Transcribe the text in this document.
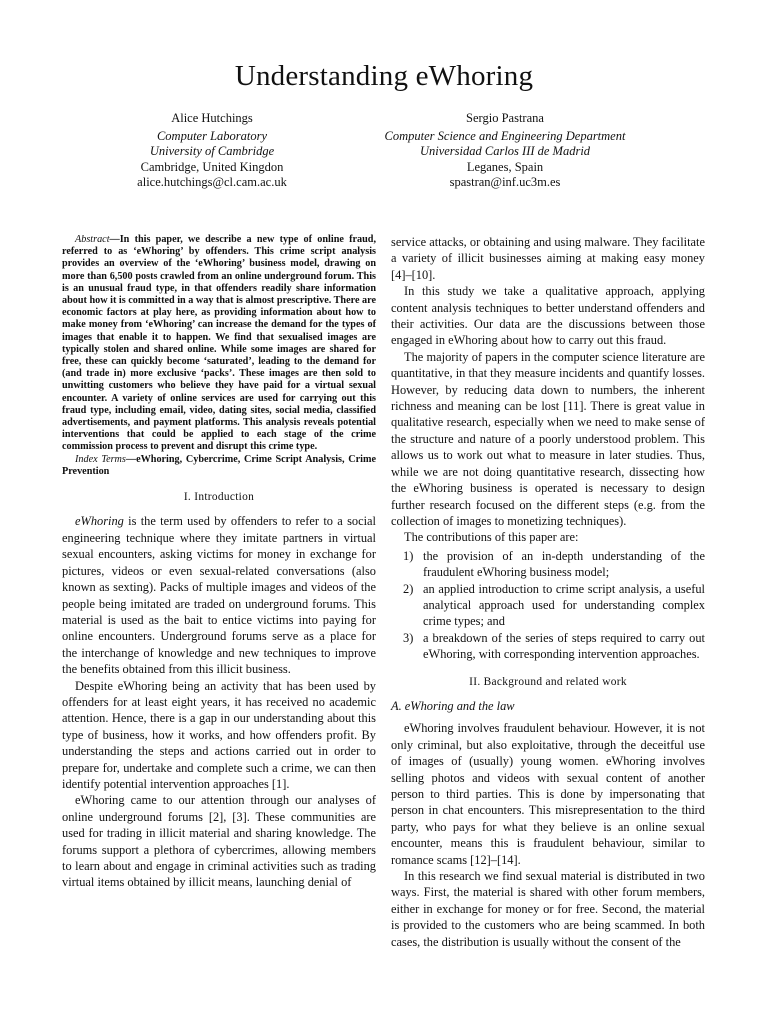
Understanding eWhoring
Alice Hutchings
Computer Laboratory
University of Cambridge
Cambridge, United Kingdon
alice.hutchings@cl.cam.ac.uk
Sergio Pastrana
Computer Science and Engineering Department
Universidad Carlos III de Madrid
Leganes, Spain
spastran@inf.uc3m.es
Abstract—In this paper, we describe a new type of online fraud, referred to as ‘eWhoring’ by offenders. This crime script analysis provides an overview of the ‘eWhoring’ business model, drawing on more than 6,500 posts crawled from an online underground forum. This is an unusual fraud type, in that offenders readily share information about how it is committed in a way that is almost prescriptive. There are economic factors at play here, as providing information about how to make money from ‘eWhoring’ can increase the demand for the types of images that enable it to happen. We find that sexualised images are typically stolen and shared online. While some images are shared for free, these can quickly become ‘saturated’, leading to the demand for (and trade in) more exclusive ‘packs’. These images are then sold to unwitting customers who believe they have paid for a virtual sexual encounter. A variety of online services are used for carrying out this fraud type, including email, video, dating sites, social media, classified advertisements, and payment platforms. This analysis reveals potential interventions that could be applied to each stage of the crime commission process to prevent and disrupt this crime type.
Index Terms—eWhoring, Cybercrime, Crime Script Analysis, Crime Prevention
I. Introduction

eWhoring is the term used by offenders to refer to a social engineering technique where they imitate partners in virtual sexual encounters, asking victims for money in exchange for pictures, videos or even sexual-related conversations (also known as sexting). Packs of multiple images and videos of the people being imitated are traded on underground forums. This material is used as the bait to entice victims into paying for online encounters. Underground forums serve as a place for the interchange of knowledge and new techniques to improve the benefits obtained from this illicit business.

Despite eWhoring being an activity that has been used by offenders for at least eight years, it has received no academic attention. Hence, there is a gap in our understanding about this type of business, how it works, and how offenders profit. By understanding the steps and actions carried out in order to prepare for, undertake and complete such a crime, we can then identify potential intervention approaches [1].

eWhoring came to our attention through our analyses of online underground forums [2], [3]. These communities are used for trading in illicit material and sharing knowledge. The forums support a plethora of cybercrimes, allowing members to learn about and engage in criminal activities such as trading virtual items obtained by illicit means, launching denial of

service attacks, or obtaining and using malware. They facilitate a variety of illicit businesses aiming at making easy money [4]–[10].

In this study we take a qualitative approach, applying content analysis techniques to better understand offenders and their activities. Our data are the discussions between those engaged in eWhoring about how to carry out this fraud.

The majority of papers in the computer science literature are quantitative, in that they measure incidents and quantify losses. However, by reducing data down to numbers, the inherent richness and meaning can be lost [11]. There is great value in qualitative research, especially when we need to make sense of the structure and nature of a poorly understood problem. This allows us to work out what to measure in later studies. Thus, while we are not doing quantitative research, dissecting how the eWhoring business is operated is necessary to design further research focused on the different steps (e.g. from the collection of images to monetizing techniques).

The contributions of this paper are:

1) the provision of an in-depth understanding of the fraudulent eWhoring business model;
2) an applied introduction to crime script analysis, a useful analytical approach used for understanding complex crime types; and
3) a breakdown of the series of steps required to carry out eWhoring, with corresponding intervention approaches.
II. Background and related work
A. eWhoring and the law

eWhoring involves fraudulent behaviour. However, it is not only criminal, but also exploitative, through the deceitful use of images of (usually) young women. eWhoring involves selling photos and videos with sexual content of another person to third parties. This is done by impersonating that person in chat encounters. This misrepresentation to the third party, who pays for what they believe is an online sexual encounter, means this is fraudulent behaviour, similar to romance scams [12]–[14].

In this research we find sexual material is distributed in two ways. First, the material is shared with other forum members, either in exchange for money or for free. Second, the material is provided to the customers who are being scammed. In both cases, the distribution is usually without the consent of the
